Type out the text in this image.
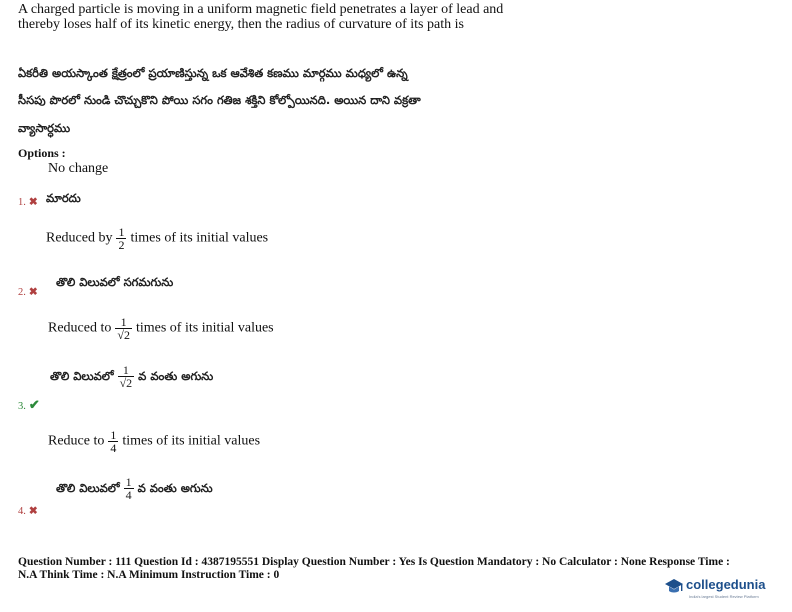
A charged particle is moving in a uniform magnetic field penetrates a layer of lead and thereby loses half of its kinetic energy, then the radius of curvature of its path is
ఏకరీతి అయస్కాంత క్షేత్రంలో ప్రయాణిస్తున్న ఒక ఆవేశిత కణము మార్గము మధ్యలో ఉన్న
సీసపు పొరలో నుండి చొచ్చుకొని పోయి సగం గతిజ శక్తిని కోల్పోయినది. అయిన దాని వక్రతా
వ్యాసార్ధము
Options :
No change
1. ✖ మారదు
Reduced by $\frac{1}{2}$ times of its initial values
తొలి విలువలో సగమగును
2. ✖
Reduced to $\frac{1}{√2}$ times of its initial values
తొలి విలువలో $\frac{1}{√2}$ వ వంతు అగును
3. ✔
Reduce to $\frac{1}{4}$ times of its initial values
తొలి విలువలో $\frac{1}{4}$ వ వంతు అగును
4. ✖
Question Number : 111 Question Id : 4387195551 Display Question Number : Yes Is Question Mandatory : No Calculator : None Response Time :
N.A Think Time : N.A Minimum Instruction Time : 0
collegedunia
India's largest Student Review Platform
